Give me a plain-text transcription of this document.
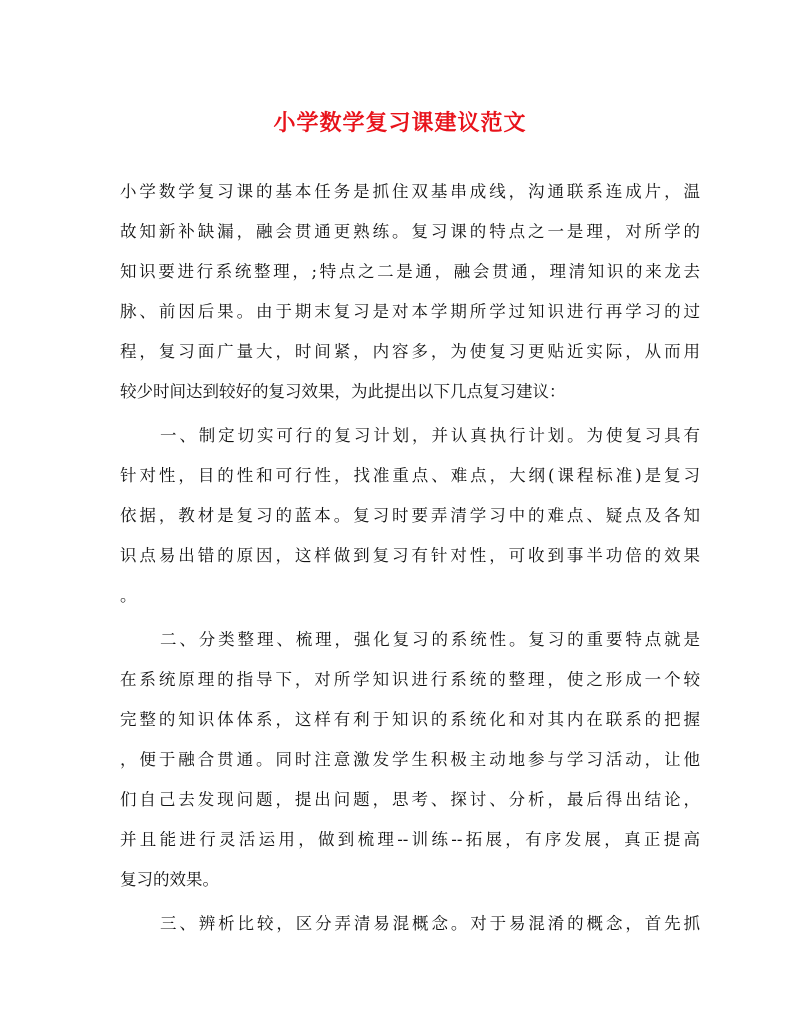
小学数学复习课建议范文
小学数学复习课的基本任务是抓住双基串成线，沟通联系连成片，温
故知新补缺漏，融会贯通更熟练。复习课的特点之一是理，对所学的
知识要进行系统整理，;特点之二是通，融会贯通，理清知识的来龙去
脉、前因后果。由于期末复习是对本学期所学过知识进行再学习的过
程，复习面广量大，时间紧，内容多，为使复习更贴近实际，从而用
较少时间达到较好的复习效果，为此提出以下几点复习建议：
一、制定切实可行的复习计划，并认真执行计划。为使复习具有
针对性，目的性和可行性，找准重点、难点，大纲(课程标准)是复习
依据，教材是复习的蓝本。复习时要弄清学习中的难点、疑点及各知
识点易出错的原因，这样做到复习有针对性，可收到事半功倍的效果
。
二、分类整理、梳理，强化复习的系统性。复习的重要特点就是
在系统原理的指导下，对所学知识进行系统的整理，使之形成一个较
完整的知识体体系，这样有利于知识的系统化和对其内在联系的把握
，便于融合贯通。同时注意激发学生积极主动地参与学习活动，让他
们自己去发现问题，提出问题，思考、探讨、分析，最后得出结论，
并且能进行灵活运用，做到梳理--训练--拓展，有序发展，真正提高
复习的效果。
三、辨析比较，区分弄清易混概念。对于易混淆的概念，首先抓
